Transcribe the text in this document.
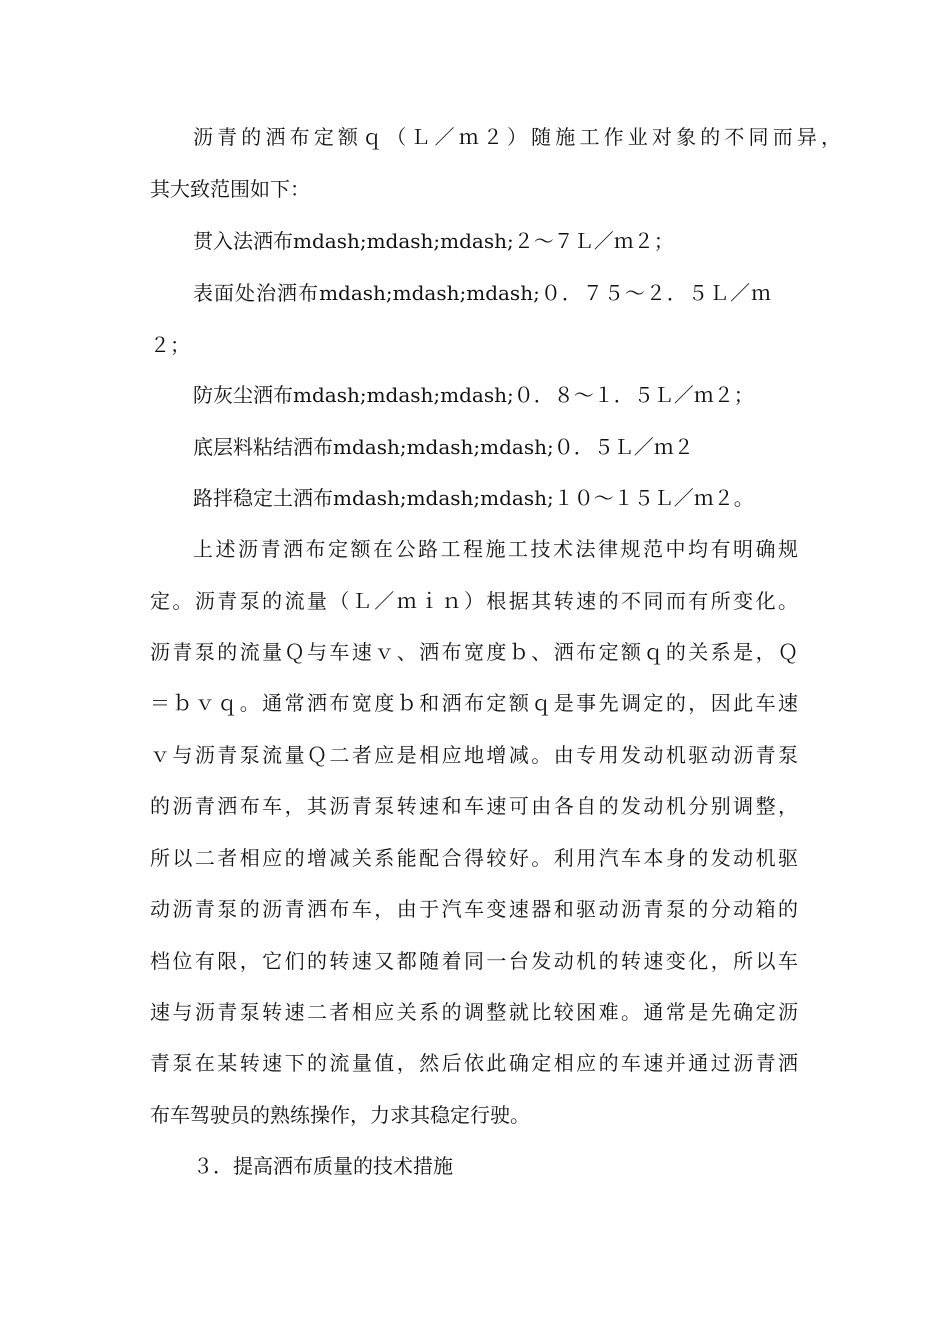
沥青的洒布定额ｑ（Ｌ／ｍ２）随施工作业对象的不同而异，
其大致范围如下：
贯入法洒布mdash;mdash;mdash;２～７Ｌ／ｍ２；
表面处治洒布mdash;mdash;mdash;０．７５～２．５Ｌ／ｍ
２；
防灰尘洒布mdash;mdash;mdash;０．８～１．５Ｌ／ｍ２；
底层料粘结洒布mdash;mdash;mdash;０．５Ｌ／ｍ２
路拌稳定土洒布mdash;mdash;mdash;１０～１５Ｌ／ｍ２。
上述沥青洒布定额在公路工程施工技术法律规范中均有明确规
定。沥青泵的流量（Ｌ／ｍｉｎ）根据其转速的不同而有所变化。
沥青泵的流量Ｑ与车速ｖ、洒布宽度ｂ、洒布定额ｑ的关系是，Ｑ
＝ｂｖｑ。通常洒布宽度ｂ和洒布定额ｑ是事先调定的，因此车速
ｖ与沥青泵流量Ｑ二者应是相应地增减。由专用发动机驱动沥青泵
的沥青洒布车，其沥青泵转速和车速可由各自的发动机分别调整，
所以二者相应的增减关系能配合得较好。利用汽车本身的发动机驱
动沥青泵的沥青洒布车，由于汽车变速器和驱动沥青泵的分动箱的
档位有限，它们的转速又都随着同一台发动机的转速变化，所以车
速与沥青泵转速二者相应关系的调整就比较困难。通常是先确定沥
青泵在某转速下的流量值，然后依此确定相应的车速并通过沥青洒
布车驾驶员的熟练操作，力求其稳定行驶。
３．提高洒布质量的技术措施
